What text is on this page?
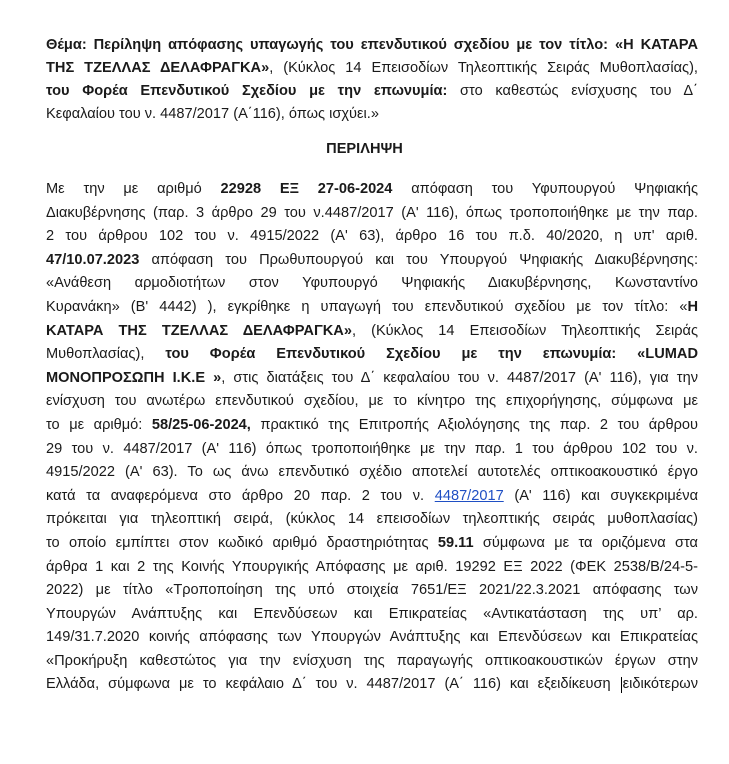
Θέμα: Περίληψη απόφασης υπαγωγής του επενδυτικού σχεδίου με τον τίτλο: «Η ΚΑΤΑΡΑ
ΤΗΣ ΤΖΕΛΛΑΣ ΔΕΛΑΦΡΑΓΚΑ», (Κύκλος 14 Επεισοδίων Τηλεοπτικής Σειράς Μυθοπλασίας),
του Φορέα Επενδυτικού Σχεδίου με την επωνυμία: στο καθεστώς ενίσχυσης του Δ΄
Κεφαλαίου του ν. 4487/2017 (Α΄116), όπως ισχύει.»
ΠΕΡΙΛΗΨΗ
Με την με αριθμό 22928 ΕΞ 27-06-2024 απόφαση του Υφυπουργού Ψηφιακής
Διακυβέρνησης (παρ. 3 άρθρο 29 του ν.4487/2017 (Α' 116), όπως τροποποιήθηκε με την παρ.
2 του άρθρου 102 του ν. 4915/2022 (Α' 63), άρθρο 16 του π.δ. 40/2020, η υπ' αριθ.
47/10.07.2023 απόφαση του Πρωθυπουργού και του Υπουργού Ψηφιακής Διακυβέρνησης:
«Ανάθεση αρμοδιοτήτων στον Υφυπουργό Ψηφιακής Διακυβέρνησης, Κωνσταντίνο
Κυρανάκη» (Β' 4442) ), εγκρίθηκε η υπαγωγή του επενδυτικού σχεδίου με τον τίτλο: «Η
ΚΑΤΑΡΑ ΤΗΣ ΤΖΕΛΛΑΣ ΔΕΛΑΦΡΑΓΚΑ», (Κύκλος 14 Επεισοδίων Τηλεοπτικής Σειράς
Μυθοπλασίας), του Φορέα Επενδυτικού Σχεδίου με την επωνυμία: «LUMAD
ΜΟΝΟΠΡΟΣΩΠΗ Ι.Κ.Ε », στις διατάξεις του Δ΄ κεφαλαίου του ν. 4487/2017 (Α' 116), για την
ενίσχυση του ανωτέρω επενδυτικού σχεδίου, με το κίνητρο της επιχορήγησης, σύμφωνα με
το με αριθμό: 58/25-06-2024, πρακτικό της Επιτροπής Αξιολόγησης της παρ. 2 του άρθρου
29 του ν. 4487/2017 (Α' 116) όπως τροποποιήθηκε με την παρ. 1 του άρθρου 102 του ν.
4915/2022 (Α' 63). Το ως άνω επενδυτικό σχέδιο αποτελεί αυτοτελές οπτικοακουστικό έργο
κατά τα αναφερόμενα στο άρθρο 20 παρ. 2 του ν. 4487/2017 (Α' 116) και συγκεκριμένα
πρόκειται για τηλεοπτική σειρά, (κύκλος 14 επεισοδίων τηλεοπτικής σειράς μυθοπλασίας)
το οποίο εμπίπτει στον κωδικό αριθμό δραστηριότητας 59.11 σύμφωνα με τα οριζόμενα στα
άρθρα 1 και 2 της Κοινής Υπουργικής Απόφασης με αριθ. 19292 ΕΞ 2022 (ΦΕΚ 2538/Β/24-5-
2022) με τίτλο «Τροποποίηση της υπό στοιχεία 7651/ΕΞ 2021/22.3.2021 απόφασης των
Υπουργών Ανάπτυξης και Επενδύσεων και Επικρατείας «Αντικατάσταση της υπ’ αρ.
149/31.7.2020 κοινής απόφασης των Υπουργών Ανάπτυξης και Επενδύσεων και Επικρατείας
«Προκήρυξη καθεστώτος για την ενίσχυση της παραγωγής οπτικοακουστικών έργων στην
Ελλάδα, σύμφωνα με το κεφάλαιο Δ΄ του ν. 4487/2017 (Α΄ 116) και εξειδίκευση ειδικότερων
